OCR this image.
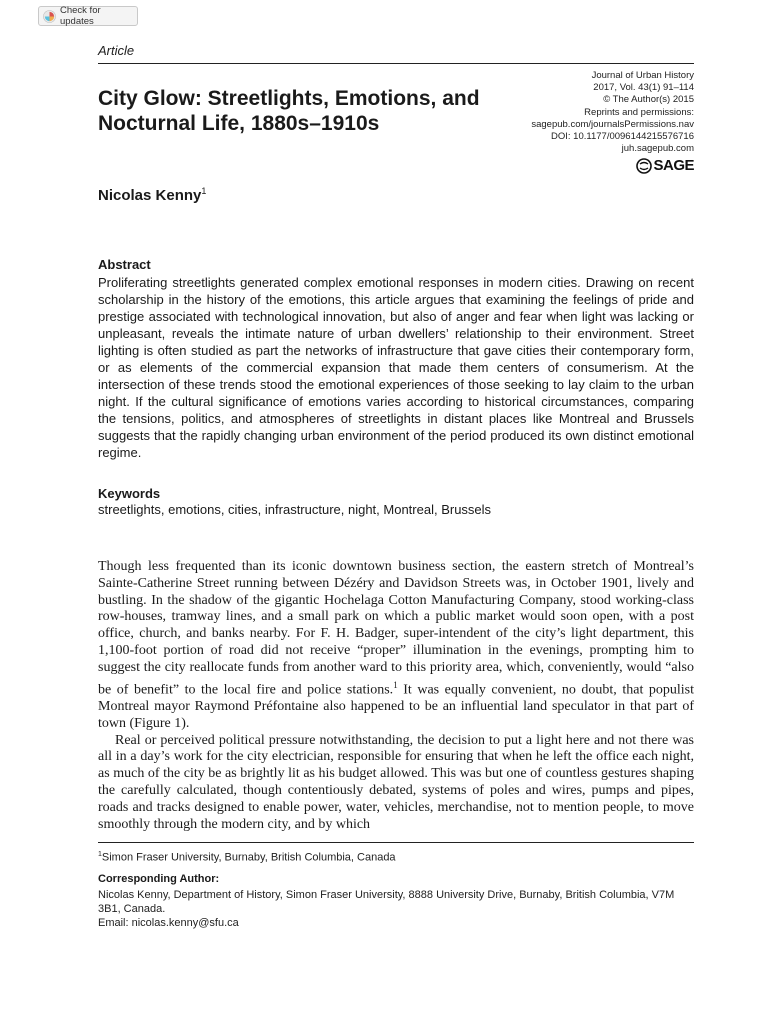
Check for updates
Article
City Glow: Streetlights, Emotions, and Nocturnal Life, 1880s–1910s
Journal of Urban History
2017, Vol. 43(1) 91–114
© The Author(s) 2015
Reprints and permissions:
sagepub.com/journalsPermissions.nav
DOI: 10.1177/0096144215576716
juh.sagepub.com
SAGE
Nicolas Kenny$^1$
Abstract

Proliferating streetlights generated complex emotional responses in modern cities. Drawing on recent scholarship in the history of the emotions, this article argues that examining the feelings of pride and prestige associated with technological innovation, but also of anger and fear when light was lacking or unpleasant, reveals the intimate nature of urban dwellers’ relationship to their environment. Street lighting is often studied as part the networks of infrastructure that gave cities their contemporary form, or as elements of the commercial expansion that made them centers of consumerism. At the intersection of these trends stood the emotional experiences of those seeking to lay claim to the urban night. If the cultural significance of emotions varies according to historical circumstances, comparing the tensions, politics, and atmospheres of streetlights in distant places like Montreal and Brussels suggests that the rapidly changing urban environment of the period produced its own distinct emotional regime.

Keywords
streetlights, emotions, cities, infrastructure, night, Montreal, Brussels

Though less frequented than its iconic downtown business section, the eastern stretch of Montreal’s Sainte-Catherine Street running between Dézéry and Davidson Streets was, in October 1901, lively and bustling. In the shadow of the gigantic Hochelaga Cotton Manufacturing Company, stood working-class row-houses, tramway lines, and a small park on which a public market would soon open, with a post office, church, and banks nearby. For F. H. Badger, super-intendent of the city’s light department, this 1,100-foot portion of road did not receive “proper” illumination in the evenings, prompting him to suggest the city reallocate funds from another ward to this priority area, which, conveniently, would “also be of benefit” to the local fire and police stations.$^1$ It was equally convenient, no doubt, that populist Montreal mayor Raymond Préfontaine also happened to be an influential land speculator in that part of town (Figure 1).

Real or perceived political pressure notwithstanding, the decision to put a light here and not there was all in a day’s work for the city electrician, responsible for ensuring that when he left the office each night, as much of the city be as brightly lit as his budget allowed. This was but one of countless gestures shaping the carefully calculated, though contentiously debated, systems of poles and wires, pumps and pipes, roads and tracks designed to enable power, water, vehicles, merchandise, not to mention people, to move smoothly through the modern city, and by which

$^1$Simon Fraser University, Burnaby, British Columbia, Canada
Corresponding Author:
Nicolas Kenny, Department of History, Simon Fraser University, 8888 University Drive, Burnaby, British Columbia, V7M 3B1, Canada.
Email: nicolas.kenny@sfu.ca
